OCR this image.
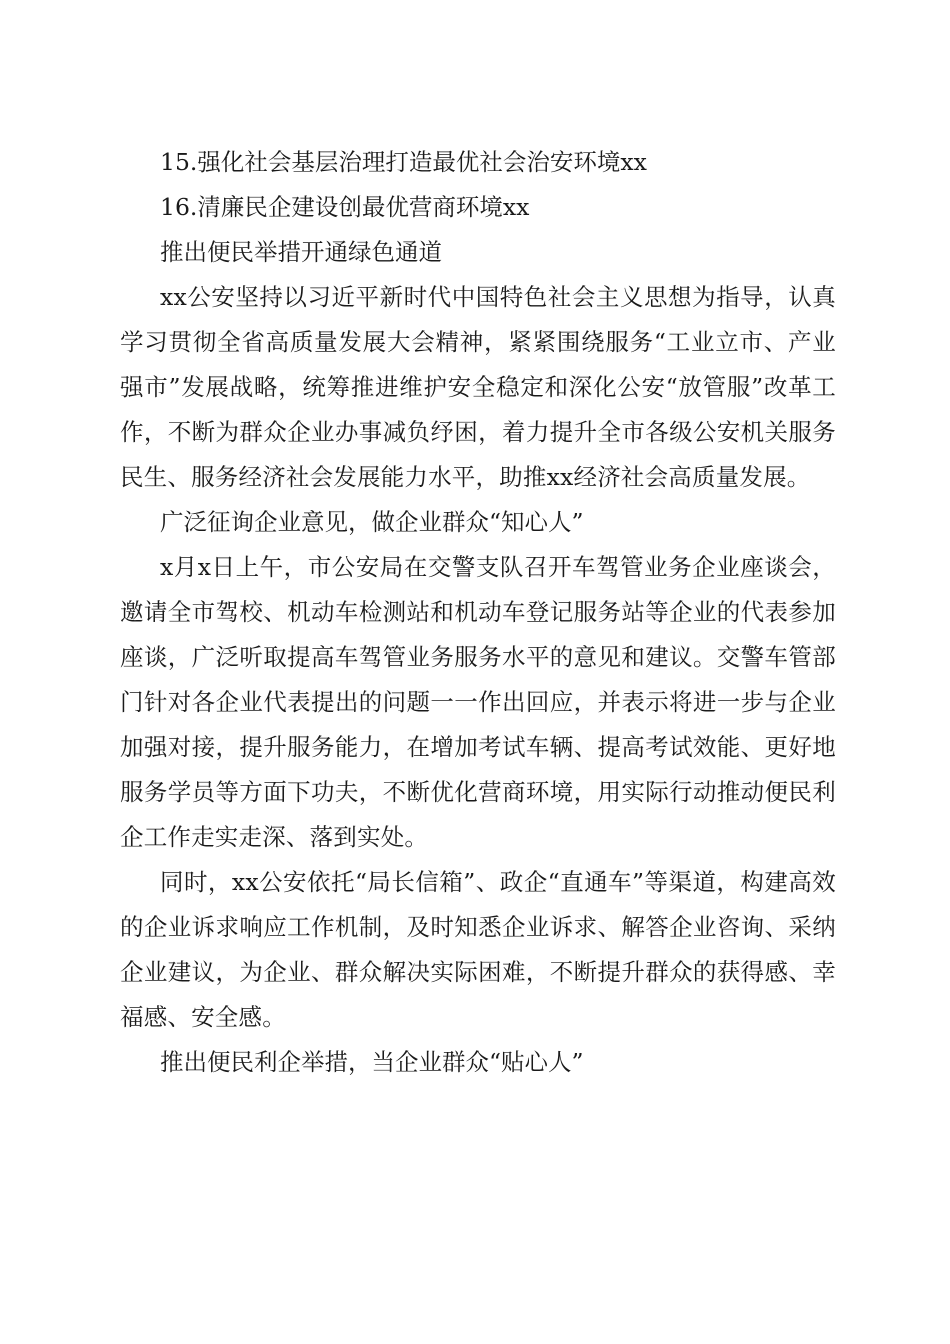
15.强化社会基层治理打造最优社会治安环境xx

16.清廉民企建设创最优营商环境xx

推出便民举措开通绿色通道

xx公安坚持以习近平新时代中国特色社会主义思想为指导，认真学习贯彻全省高质量发展大会精神，紧紧围绕服务“工业立市、产业强市”发展战略，统筹推进维护安全稳定和深化公安“放管服”改革工作，不断为群众企业办事减负纾困，着力提升全市各级公安机关服务民生、服务经济社会发展能力水平，助推xx经济社会高质量发展。

广泛征询企业意见，做企业群众“知心人”

x月x日上午，市公安局在交警支队召开车驾管业务企业座谈会，邀请全市驾校、机动车检测站和机动车登记服务站等企业的代表参加座谈，广泛听取提高车驾管业务服务水平的意见和建议。交警车管部门针对各企业代表提出的问题一一作出回应，并表示将进一步与企业加强对接，提升服务能力，在增加考试车辆、提高考试效能、更好地服务学员等方面下功夫，不断优化营商环境，用实际行动推动便民利企工作走实走深、落到实处。

同时，xx公安依托“局长信箱”、政企“直通车”等渠道，构建高效的企业诉求响应工作机制，及时知悉企业诉求、解答企业咨询、采纳企业建议，为企业、群众解决实际困难，不断提升群众的获得感、幸福感、安全感。

推出便民利企举措，当企业群众“贴心人”
